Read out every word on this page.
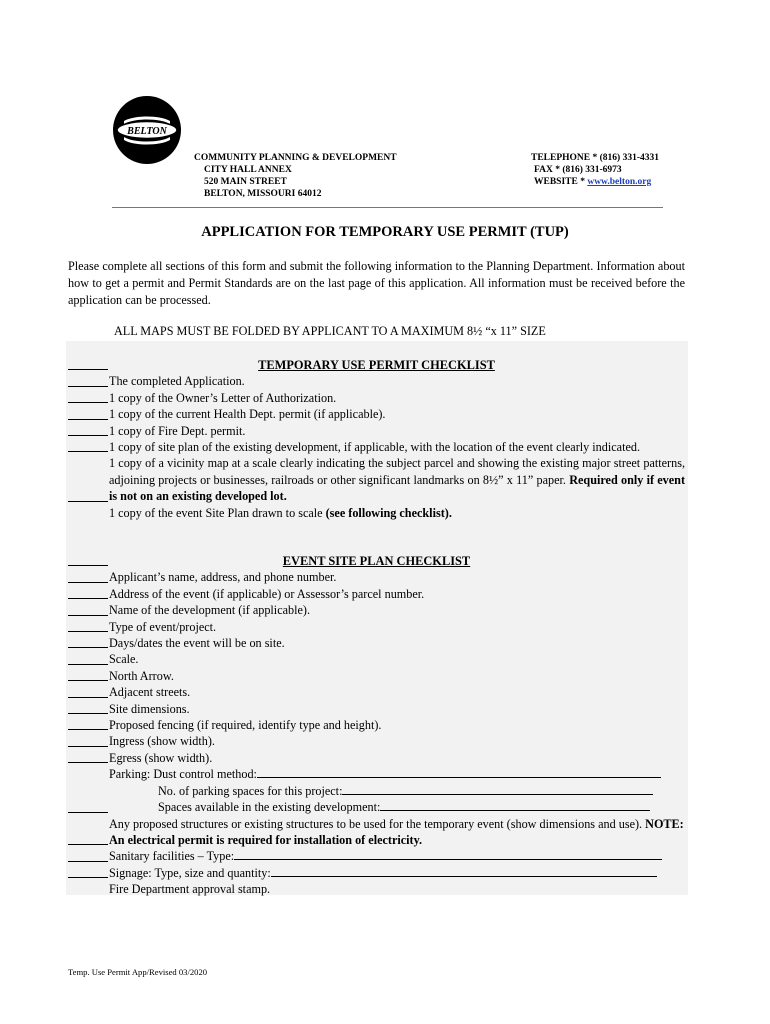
BELTON
COMMUNITY PLANNING & DEVELOPMENT
CITY HALL ANNEX
520 MAIN STREET
BELTON, MISSOURI 64012
TELEPHONE * (816) 331-4331
FAX * (816) 331-6973
WEBSITE * www.belton.org
APPLICATION FOR TEMPORARY USE PERMIT (TUP)
Please complete all sections of this form and submit the following information to the Planning Department. Information about how to get a permit and Permit Standards are on the last page of this application. All information must be received before the application can be processed.
ALL MAPS MUST BE FOLDED BY APPLICANT TO A MAXIMUM 8½ “x 11” SIZE
TEMPORARY USE PERMIT CHECKLIST
The completed Application.
1 copy of the Owner’s Letter of Authorization.
1 copy of the current Health Dept. permit (if applicable).
1 copy of Fire Dept. permit.
1 copy of site plan of the existing development, if applicable, with the location of the event clearly indicated.
1 copy of a vicinity map at a scale clearly indicating the subject parcel and showing the existing major street patterns, adjoining projects or businesses, railroads or other significant landmarks on 8½” x 11” paper. Required only if event is not on an existing developed lot.
1 copy of the event Site Plan drawn to scale (see following checklist).
EVENT SITE PLAN CHECKLIST
Applicant’s name, address, and phone number.
Address of the event (if applicable) or Assessor’s parcel number.
Name of the development (if applicable).
Type of event/project.
Days/dates the event will be on site.
Scale.
North Arrow.
Adjacent streets.
Site dimensions.
Proposed fencing (if required, identify type and height).
Ingress (show width).
Egress (show width).
Parking: Dust control method:
No. of parking spaces for this project:
Spaces available in the existing development:
Any proposed structures or existing structures to be used for the temporary event (show dimensions and use). NOTE: An electrical permit is required for installation of electricity.
Sanitary facilities – Type:
Signage: Type, size and quantity:
Fire Department approval stamp.
Temp. Use Permit App/Revised 03/2020
